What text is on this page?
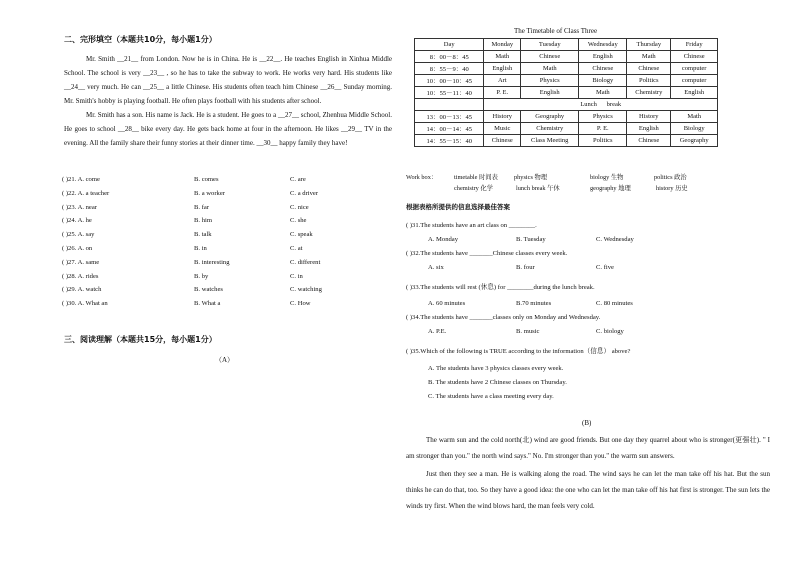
二、完形填空（本题共10分，每小题1分）

Mr. Smith __21__ from London. Now he is in China. He is __22__. He teaches English in Xinhua Middle School. The school is very __23__ , so he has to take the subway to work. He works very hard. His students like __24__ very much. He can __25__ a little Chinese. His students often teach him Chinese __26__ Sunday morning. Mr. Smith's hobby is playing football. He often plays football with his students after school.

Mr. Smith has a son. His name is Jack. He is a student. He goes to a __27__ school, Zhenhua Middle School. He goes to school __28__ bike every day. He gets back home at four in the afternoon. He likes __29__ TV in the evening. All the family share their funny stories at their dinner time. __30__ happy family they have!

( )21. A. come	B. comes	C. are
( )22. A. a teacher	B. a worker	C. a driver
( )23. A. near	B. far	C. nice
( )24. A. he	B. him	C. she
( )25. A. say	B. talk	C. speak
( )26. A. on	B. in	C. at
( )27. A. same	B. interesting	C. different
( )28. A. rides	B. by	C. in
( )29. A. watch	B. watches	C. watching
( )30. A. What an	B. What a	C. How
三、阅读理解（本题共15分，每小题1分）
（A）
The Timetable of Class Three
Day	Monday	Tuesday	Wednesday	Thursday	Friday
8：00－8：45	Math	Chinese	English	Math	Chinese
8：55－9：40	English	Math	Chinese	Chinese	computer
10：00－10：45	Art	Physics	Biology	Politics	computer
10：55－11：40	P. E.	English	Math	Chemistry	English
	Lunch      break				
13：00－13：45	History	Geography	Physics	History	Math
14：00－14：45	Music	Chemistry	P. E.	English	Biology
14：55－15：40	Chinese	Class Meeting	Politics	Chinese	Geography
Work box：	timetable 时间表	physics 物理	biology 生物	politics 政治
chemistry 化学	lunch break 午休	geography 地理	history 历史
根据表格所提供的信息选择最佳答案
( )31.The students have an art class on ________.
A. Monday	B. Tuesday	C. Wednesday
( )32.The students have _______Chinese classes every week.
A. six	B. four	C. five
( )33.The students will rest (休息) for ________during the lunch break.
A. 60 minutes	B.70 minutes	C. 80 minutes
( )34.The students have _______classes only on Monday and Wednesday.
A. P.E.	B. music	C. biology
( )35.Which of the following is TRUE according to the information（信息） above?
A. The students have 3 physics classes every week.
B. The students have 2 Chinese classes on Thursday.
C. The students have a class meeting every day.
(B)

The warm sun and the cold north(北) wind are good friends. But one day they quarrel about who is stronger(更强壮). " I am stronger than you." the north wind says." No. I'm stronger than you." the warm sun answers.

Just then they see a man. He is walking along the road. The wind says he can let the man take off his hat. But the sun thinks he can do that, too. So they have a good idea: the one who can let the man take off his hat first is stronger. The sun lets the winds try first. When the wind blows hard, the man feels very cold.
